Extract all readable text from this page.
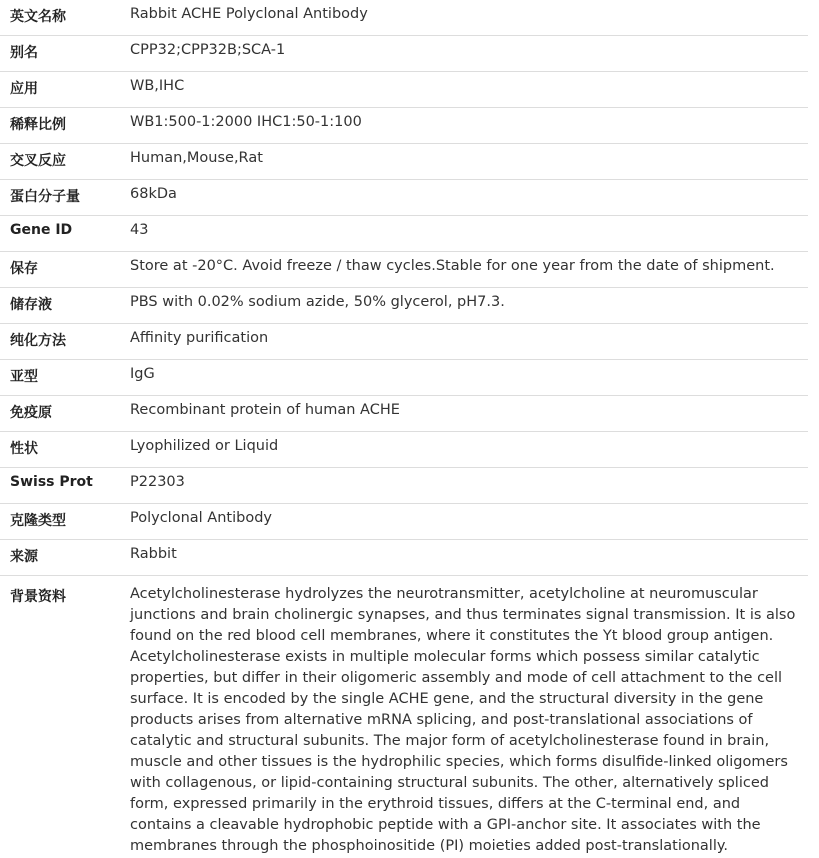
英文名称	Rabbit ACHE Polyclonal Antibody
别名	CPP32;CPP32B;SCA-1
应用	WB,IHC
稀释比例	WB1:500-1:2000 IHC1:50-1:100
交叉反应	Human,Mouse,Rat
蛋白分子量	68kDa
Gene ID	43
保存	Store at -20°C. Avoid freeze / thaw cycles.Stable for one year from the date of shipment.
储存液	PBS with 0.02% sodium azide, 50% glycerol, pH7.3.
纯化方法	Affinity purification
亚型	IgG
免疫原	Recombinant protein of human ACHE
性状	Lyophilized or Liquid
Swiss Prot	P22303
克隆类型	Polyclonal Antibody
来源	Rabbit
背景资料	Acetylcholinesterase hydrolyzes the neurotransmitter, acetylcholine at neuromuscular junctions and brain cholinergic synapses, and thus terminates signal transmission. It is also found on the red blood cell membranes, where it constitutes the Yt blood group antigen. Acetylcholinesterase exists in multiple molecular forms which possess similar catalytic properties, but differ in their oligomeric assembly and mode of cell attachment to the cell surface. It is encoded by the single ACHE gene, and the structural diversity in the gene products arises from alternative mRNA splicing, and post-translational associations of catalytic and structural subunits. The major form of acetylcholinesterase found in brain, muscle and other tissues is the hydrophilic species, which forms disulfide-linked oligomers with collagenous, or lipid-containing structural subunits. The other, alternatively spliced form, expressed primarily in the erythroid tissues, differs at the C-terminal end, and contains a cleavable hydrophobic peptide with a GPI-anchor site. It associates with the membranes through the phosphoinositide (PI) moieties added post-translationally.
